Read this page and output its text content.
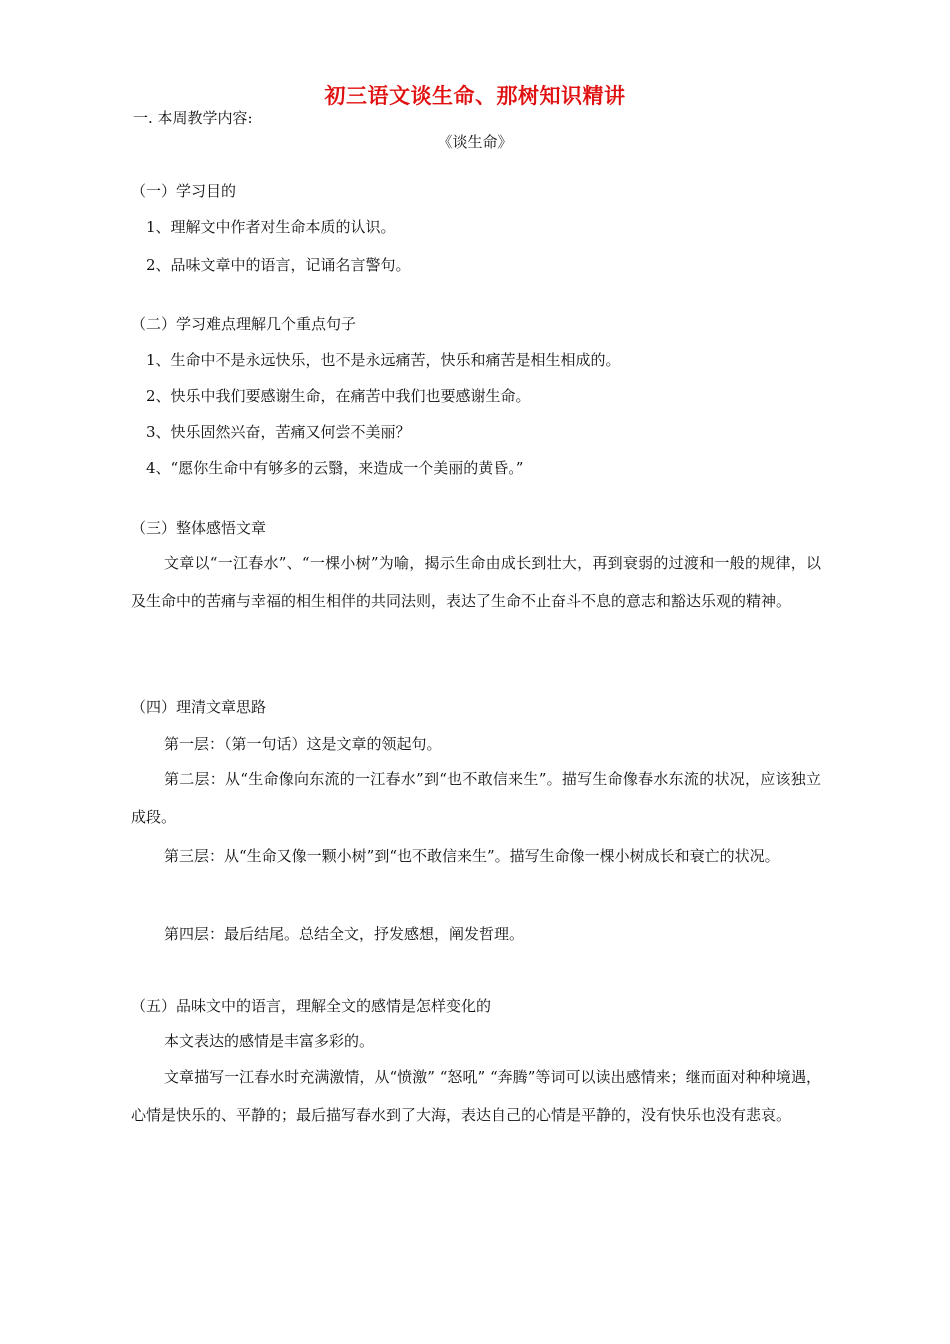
初三语文谈生命、那树知识精讲
一. 本周教学内容:
《谈生命》
（一）学习目的
1、理解文中作者对生命本质的认识。
2、品味文章中的语言，记诵名言警句。
（二）学习难点理解几个重点句子
1、生命中不是永远快乐，也不是永远痛苦，快乐和痛苦是相生相成的。
2、快乐中我们要感谢生命，在痛苦中我们也要感谢生命。
3、快乐固然兴奋，苦痛又何尝不美丽？
4、“愿你生命中有够多的云翳，来造成一个美丽的黄昏。”
（三）整体感悟文章
文章以“一江春水”、“一棵小树”为喻，揭示生命由成长到壮大，再到衰弱的过渡和一般的规律，以及生命中的苦痛与幸福的相生相伴的共同法则，表达了生命不止奋斗不息的意志和豁达乐观的精神。
（四）理清文章思路
第一层：（第一句话）这是文章的领起句。
第二层：从“生命像向东流的一江春水”到“也不敢信来生”。描写生命像春水东流的状况，应该独立成段。
第三层：从“生命又像一颗小树”到“也不敢信来生”。描写生命像一棵小树成长和衰亡的状况。
第四层：最后结尾。总结全文，抒发感想，阐发哲理。
（五）品味文中的语言，理解全文的感情是怎样变化的
本文表达的感情是丰富多彩的。
文章描写一江春水时充满激情，从“愤激” “怒吼” “奔腾”等词可以读出感情来；继而面对种种境遇，心情是快乐的、平静的；最后描写春水到了大海，表达自己的心情是平静的，没有快乐也没有悲哀。
